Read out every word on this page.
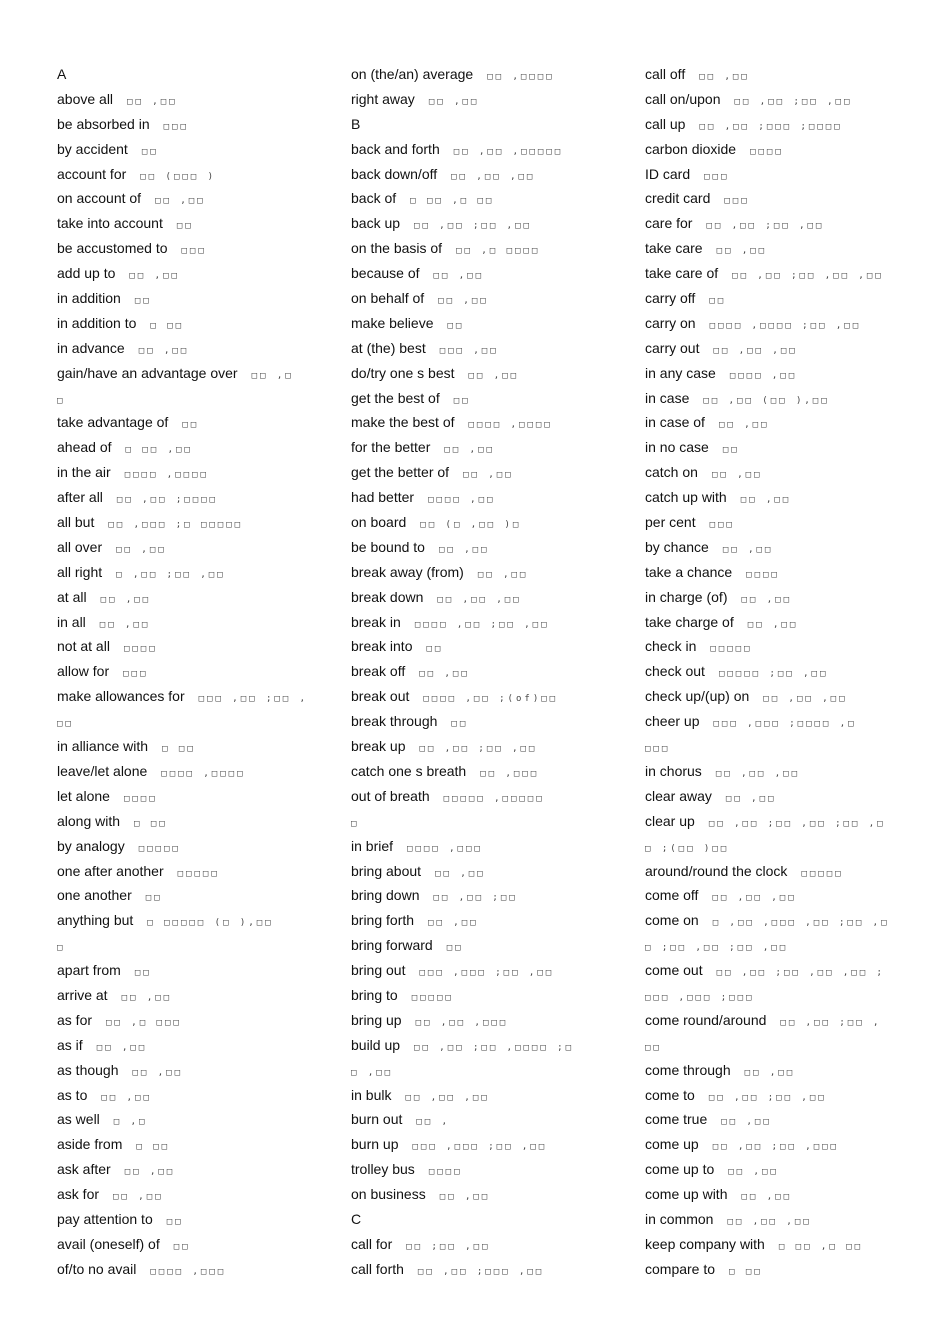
A
above all □□ ,□□
be absorbed in □□□
by accident □□
account for □□ (□□□ )
on account of □□ ,□□
take into account □□
be accustomed to □□□
add up to □□ ,□□
in addition □□
in addition to □ □□
in advance □□ ,□□
gain/have an advantage over □□ ,□
□
take advantage of □□
ahead of □ □□ ,□□
in the air □□□□ ,□□□□
after all □□ ,□□ ;□□□□
all but □□ ,□□□ ;□ □□□□□
all over □□ ,□□
all right □ ,□□ ;□□ ,□□
at all □□ ,□□
in all □□ ,□□
not at all □□□□
allow for □□□
make allowances for □□□ ,□□ ;□□ ,
□□
in alliance with □ □□
leave/let alone □□□□ ,□□□□
let alone □□□□
along with □ □□
by analogy □□□□□
one after another □□□□□
one another □□
anything but □ □□□□□ (□ ),□□
□
apart from □□
arrive at □□ ,□□
as for □□ ,□ □□□
as if □□ ,□□
as though □□ ,□□
as to □□ ,□□
as well □ ,□
aside from □ □□
ask after □□ ,□□
ask for □□ ,□□
pay attention to □□
avail (oneself) of □□
of/to no avail □□□□ ,□□□
on (the/an) average □□ ,□□□□
right away □□ ,□□
B
back and forth □□ ,□□ ,□□□□□
back down/off □□ ,□□ ,□□
back of □ □□ ,□ □□
back up □□ ,□□ ;□□ ,□□
on the basis of □□ ,□ □□□□
because of □□ ,□□
on behalf of □□ ,□□
make believe □□
at (the) best □□□ ,□□
do/try one s best □□ ,□□
get the best of □□
make the best of □□□□ ,□□□□
for the better □□ ,□□
get the better of □□ ,□□
had better □□□□ ,□□
on board □□ (□ ,□□ )□
be bound to □□ ,□□
break away (from) □□ ,□□
break down □□ ,□□ ,□□
break in □□□□ ,□□ ;□□ ,□□
break into □□
break off □□ ,□□
break out □□□□ ,□□ ;(of)□□
break through □□
break up □□ ,□□ ;□□ ,□□
catch one s breath □□ ,□□□
out of breath □□□□□ ,□□□□□
□
in brief □□□□ ,□□□
bring about □□ ,□□
bring down □□ ,□□ ;□□
bring forth □□ ,□□
bring forward □□
bring out □□□ ,□□□ ;□□ ,□□
bring to □□□□□
bring up □□ ,□□ ,□□□
build up □□ ,□□ ;□□ ,□□□□ ;□
□ ,□□
in bulk □□ ,□□ ,□□
burn out □□ ,
burn up □□□ ,□□□ ;□□ ,□□
trolley bus □□□□
on business □□ ,□□
C
call for □□ ;□□ ,□□
call forth □□ ,□□ ;□□□ ,□□
call off □□ ,□□
call on/upon □□ ,□□ ;□□ ,□□
call up □□ ,□□ ;□□□ ;□□□□
carbon dioxide □□□□
ID card □□□
credit card □□□
care for □□ ,□□ ;□□ ,□□
take care □□ ,□□
take care of □□ ,□□ ;□□ ,□□ ,□□
carry off □□
carry on □□□□ ,□□□□ ;□□ ,□□
carry out □□ ,□□ ,□□
in any case □□□□ ,□□
in case □□ ,□□ (□□ ),□□
in case of □□ ,□□
in no case □□
catch on □□ ,□□
catch up with □□ ,□□
per cent □□□
by chance □□ ,□□
take a chance □□□□
in charge (of) □□ ,□□
take charge of □□ ,□□
check in □□□□□
check out □□□□□ ;□□ ,□□
check up/(up) on □□ ,□□ ,□□
cheer up □□□ ,□□□ ;□□□□ ,□
□□□
in chorus □□ ,□□ ,□□
clear away □□ ,□□
clear up □□ ,□□ ;□□ ,□□ ;□□ ,□
□ ;(□□ )□□
around/round the clock □□□□□
come off □□ ,□□ ,□□
come on □ ,□□ ,□□□ ,□□ ;□□ ,□
□ ;□□ ,□□ ;□□ ,□□
come out □□ ,□□ ;□□ ,□□ ,□□ ;
□□□ ,□□□ ;□□□
come round/around □□ ,□□ ;□□ ,
□□
come through □□ ,□□
come to □□ ,□□ ;□□ ,□□
come true □□ ,□□
come up □□ ,□□ ;□□ ,□□□
come up to □□ ,□□
come up with □□ ,□□
in common □□ ,□□ ,□□
keep company with □ □□ ,□ □□
compare to □ □□
